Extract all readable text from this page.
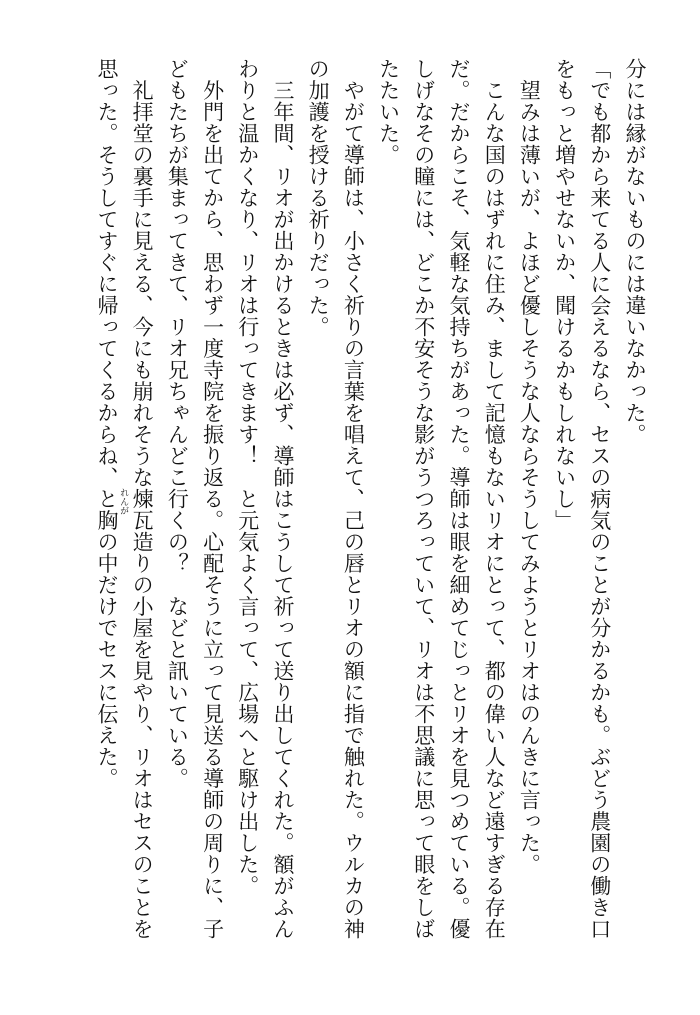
分には縁がないものには違いなかった。

「でも都から来てる人に会えるなら、セスの病気のことが分かるかも。ぶどう農園の働き口をもっと増やせないか、聞けるかもしれないし」

望みは薄いが、よほど優しそうな人ならそうしてみようとリオはのんきに言った。

こんな国のはずれに住み、まして記憶もないリオにとって、都の偉い人など遠すぎる存在だ。だからこそ、気軽な気持ちがあった。導師は眼を細めてじっとリオを見つめている。優しげなその瞳には、どこか不安そうな影がうつろっていて、リオは不思議に思って眼をしばたたいた。

やがて導師は、小さく祈りの言葉を唱えて、己の唇とリオの額に指で触れた。ウルカの神の加護を授ける祈りだった。

三年間、リオが出かけるときは必ず、導師はこうして祈って送り出してくれた。額がふんわりと温かくなり、リオは行ってきます！　と元気よく言って、広場へと駆け出した。

外門を出てから、思わず一度寺院を振り返る。心配そうに立って見送る導師の周りに、子どもたちが集まってきて、リオ兄ちゃんどこ行くの？　などと訊いている。

礼拝堂の裏手に見える、今にも崩れそうな煉瓦
れんが
造りの小屋を見やり、リオはセスのことを思った。そうしてすぐに帰ってくるからね、と胸の中だけでセスに伝えた。
